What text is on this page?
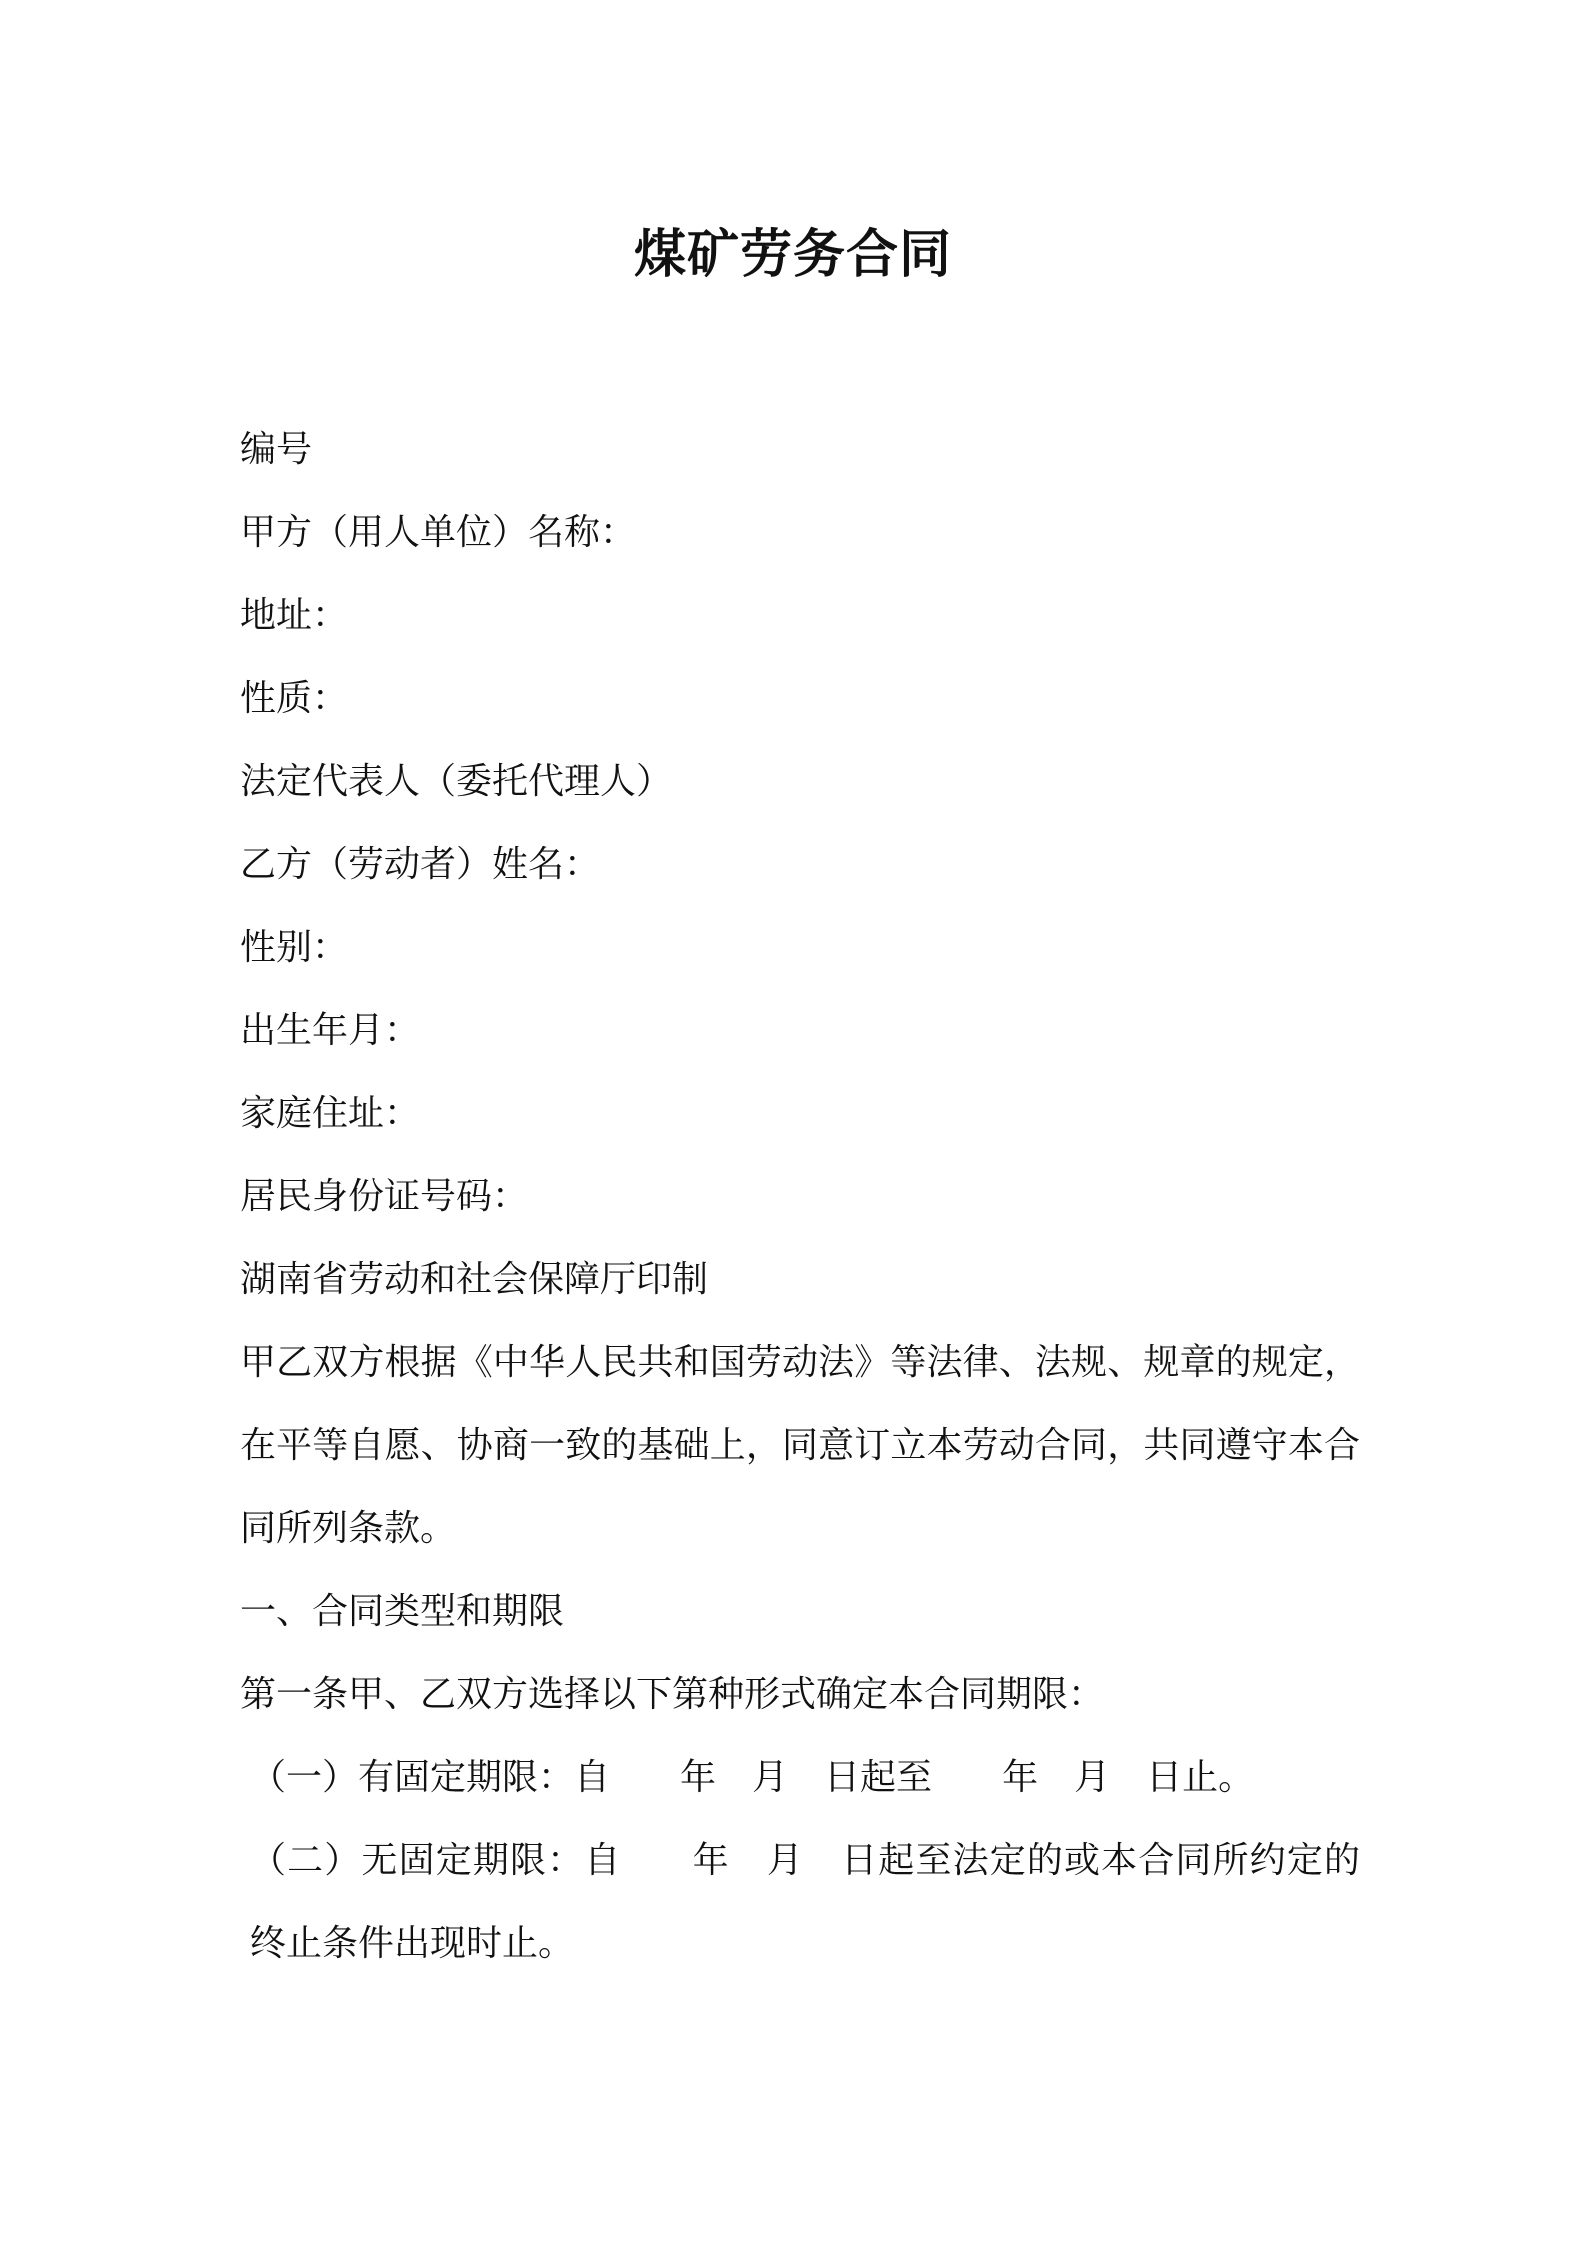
煤矿劳务合同

编号

甲方（用人单位）名称：

地址：

性质：

法定代表人（委托代理人）

乙方（劳动者）姓名：

性别：

出生年月：

家庭住址：

居民身份证号码：

湖南省劳动和社会保障厅印制

甲乙双方根据《中华人民共和国劳动法》等法律、法规、规章的规定，在平等自愿、协商一致的基础上，同意订立本劳动合同，共同遵守本合同所列条款。

一、合同类型和期限

第一条甲、乙双方选择以下第种形式确定本合同期限：

（一）有固定期限：自 年 月 日起至 年 月 日止。

（二）无固定期限：自 年 月 日起至法定的或本合同所约定的终止条件出现时止。
